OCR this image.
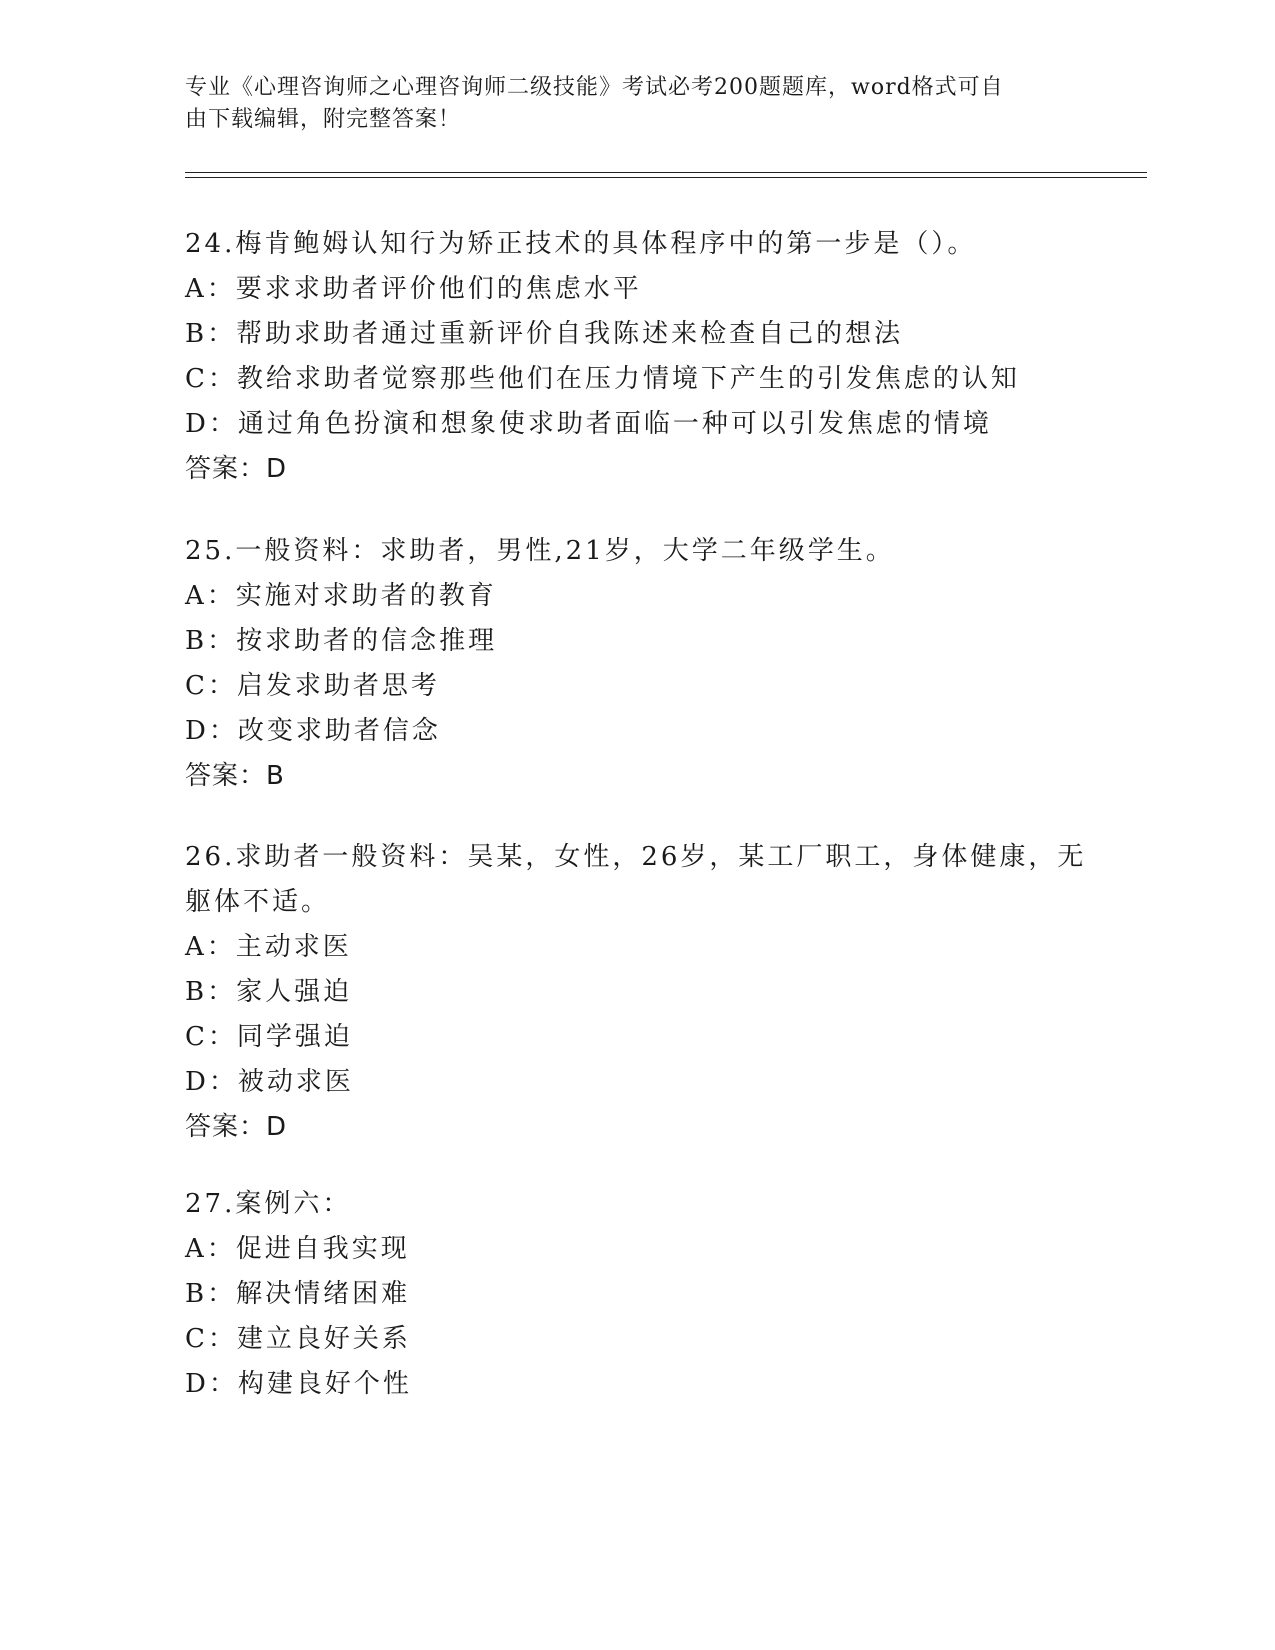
专业《心理咨询师之心理咨询师二级技能》考试必考200题题库，word格式可自
由下载编辑，附完整答案！
24.梅肯鲍姆认知行为矫正技术的具体程序中的第一步是（）。
A：要求求助者评价他们的焦虑水平
B：帮助求助者通过重新评价自我陈述来检查自己的想法
C：教给求助者觉察那些他们在压力情境下产生的引发焦虑的认知
D：通过角色扮演和想象使求助者面临一种可以引发焦虑的情境
答案：D
25.一般资料：求助者，男性,21岁，大学二年级学生。
A：实施对求助者的教育
B：按求助者的信念推理
C：启发求助者思考
D：改变求助者信念
答案：B
26.求助者一般资料：吴某，女性，26岁，某工厂职工，身体健康，无
躯体不适。
A：主动求医
B：家人强迫
C：同学强迫
D：被动求医
答案：D
27.案例六：
A：促进自我实现
B：解决情绪困难
C：建立良好关系
D：构建良好个性
